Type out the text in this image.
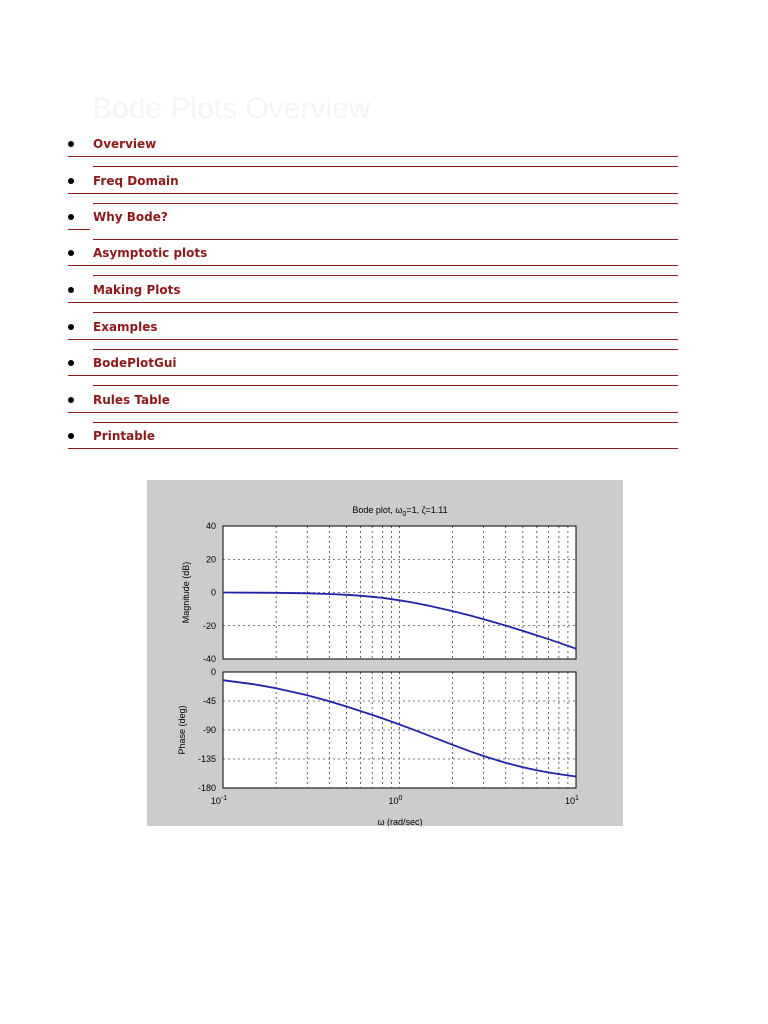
Bode Plots Overview
Overview
Freq Domain
Why Bode?
Asymptotic plots
Making Plots
Examples
BodePlotGui
Rules Table
Printable
Bode plot, $\omega_0=1$, ζ=1.11
40
20
0
-20
-40
Magnitude (dB)
0
-45
-90
-135
-180
Phase (deg)
$10^{-1}$	$10^0$	$10^1$
ω (rad/sec)
